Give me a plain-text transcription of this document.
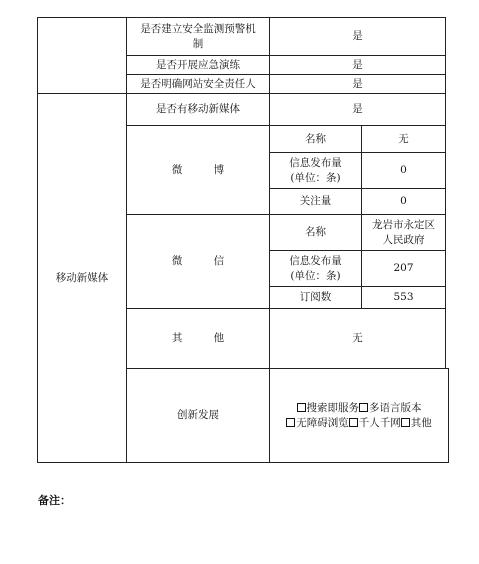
	是否建立安全监测预警机制	是	
	是否开展应急演练	是	
	是否明确网站安全责任人	是	
移动新媒体	是否有移动新媒体	是	
	微 博	名称	无
		信息发布量
(单位：条)	0
		关注量	0
	微 信	名称	龙岩市永定区人民政府
		信息发布量
(单位：条)	207
		订阅数	553
	其 他	无	
	创新发展	搜索即服务 多语言版本无障碍浏览 千人千网 其他	
备注：
